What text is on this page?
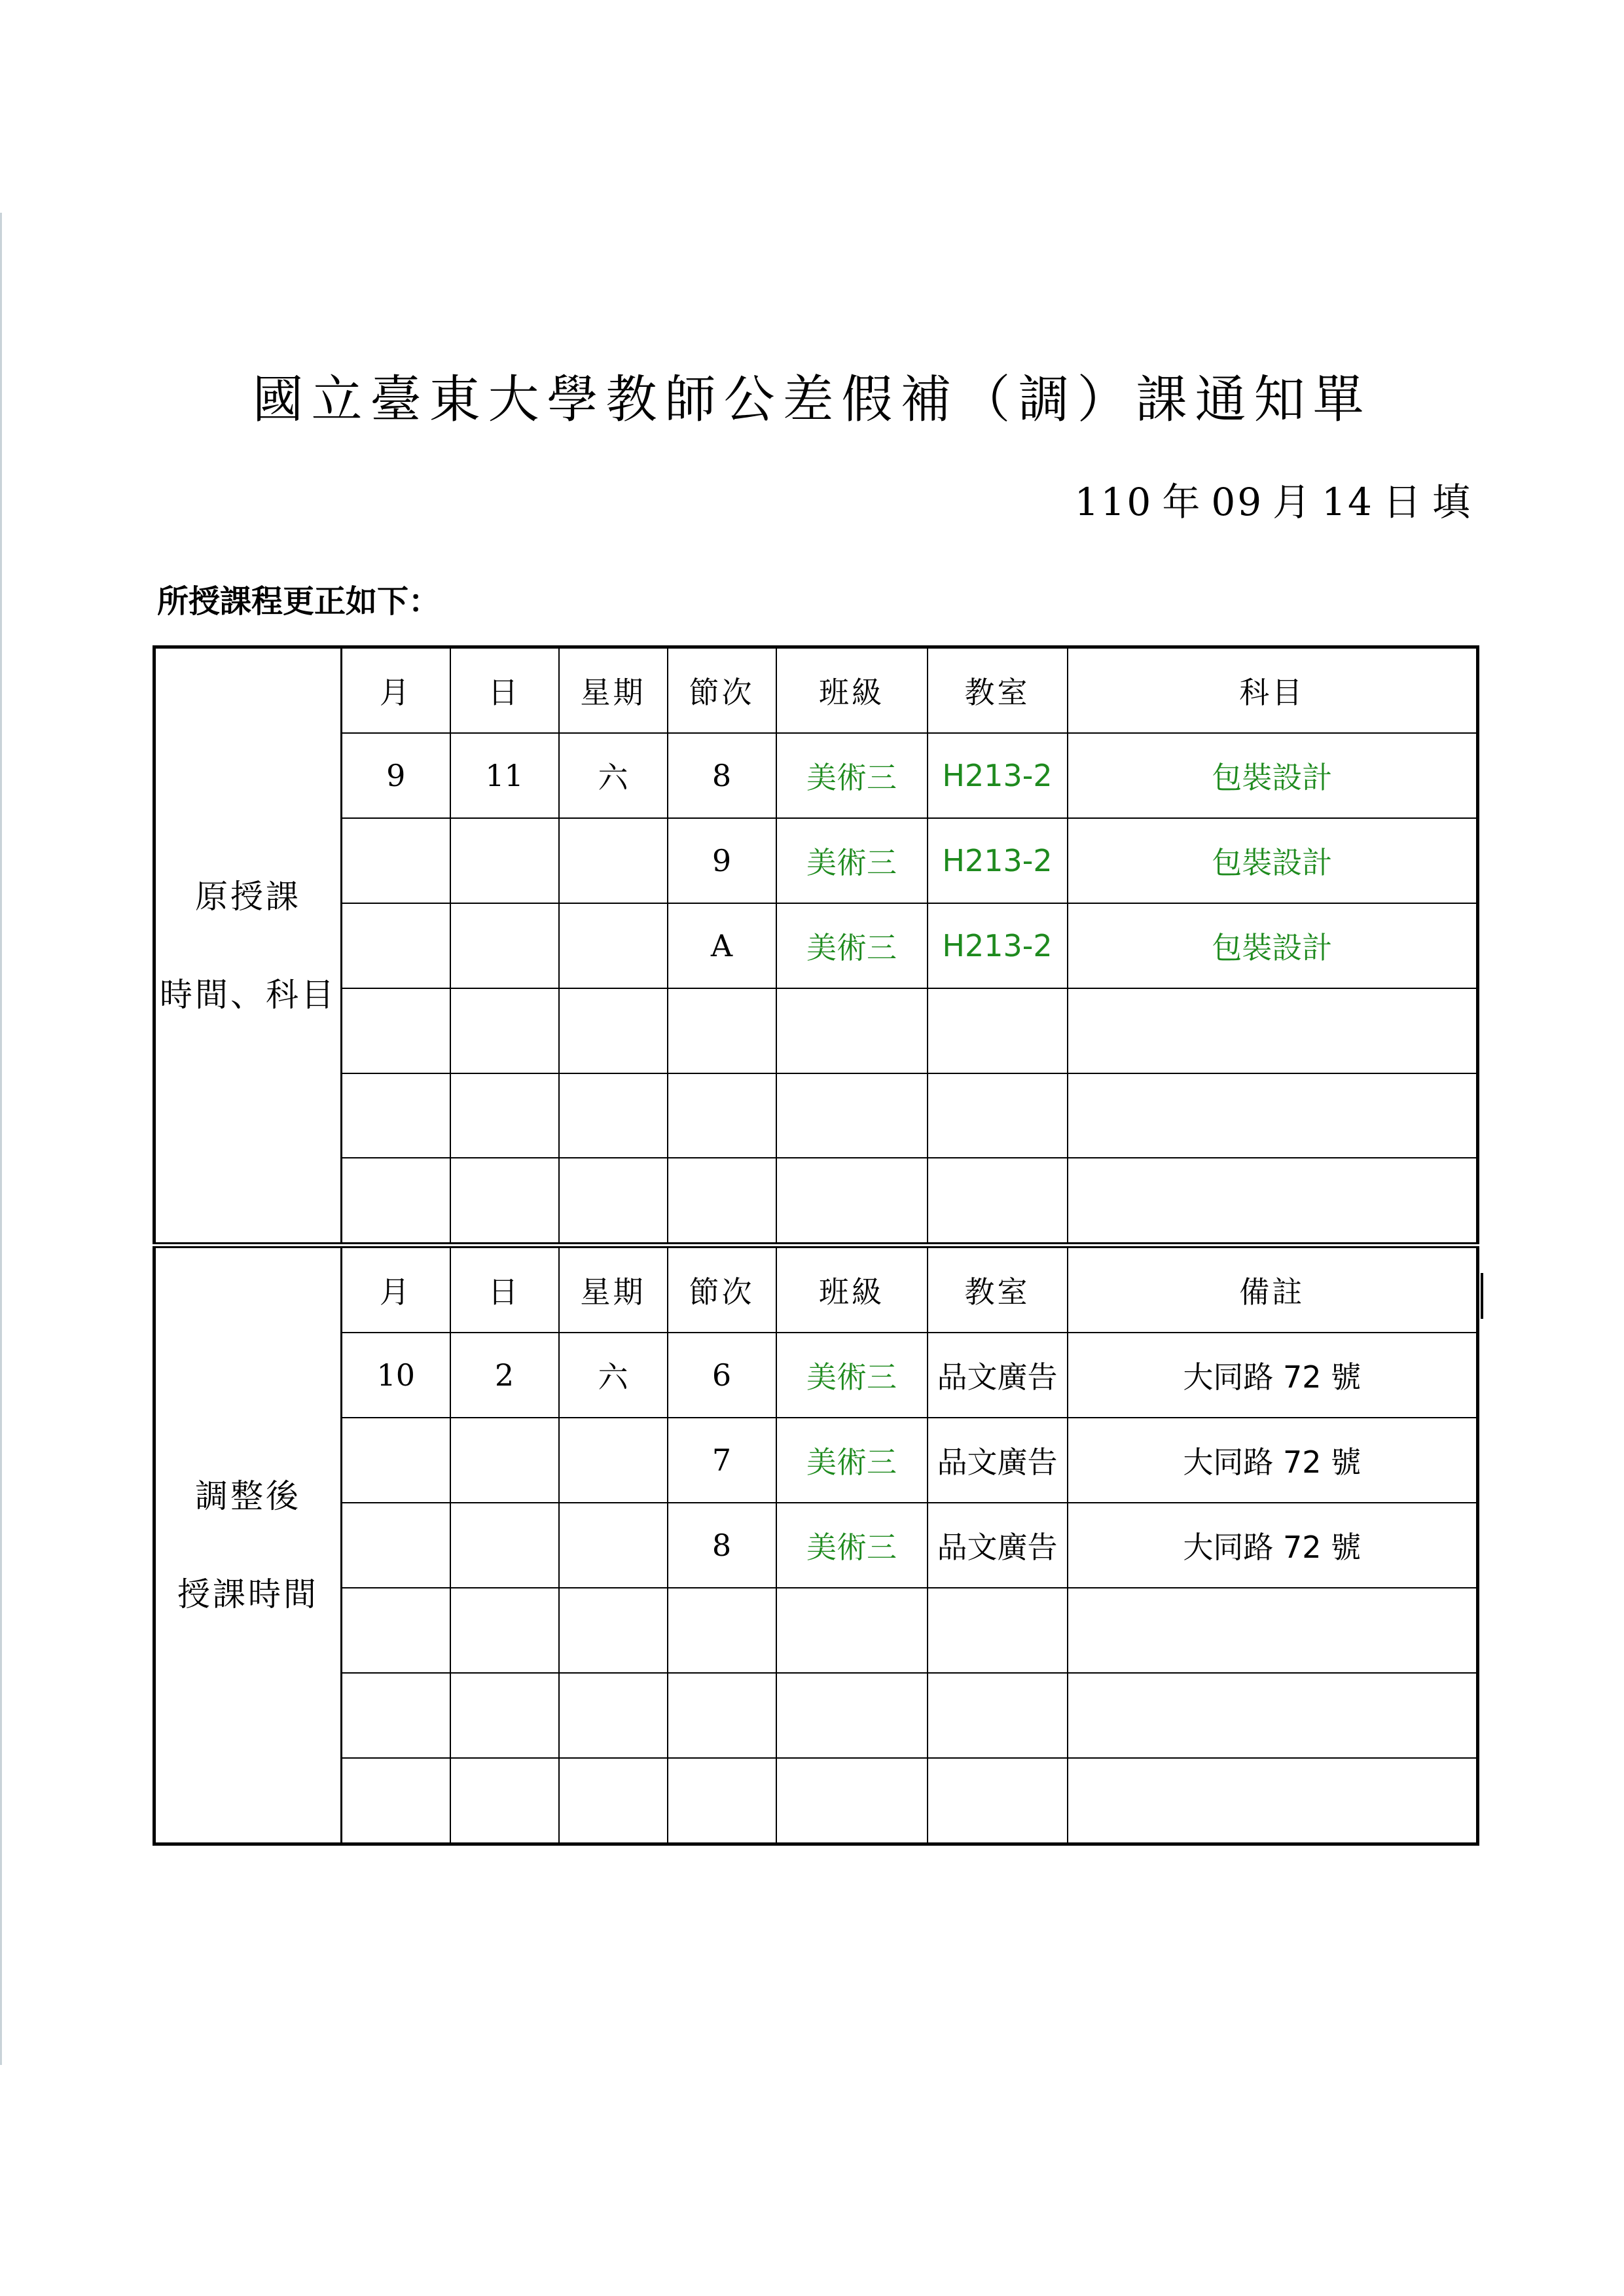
國立臺東大學教師公差假補（調）課通知單
110 年 09 月 14 日 填
所授課程更正如下：
原授課
時間、科目	月	日	星期	節次	班級	教室	科目
	9	11	六	8	美術三	H213-2	包裝設計
				9	美術三	H213-2	包裝設計
				A	美術三	H213-2	包裝設計

調整後
授課時間	月	日	星期	節次	班級	教室	備註
	10	2	六	6	美術三	品文廣告	大同路 72 號
				7	美術三	品文廣告	大同路 72 號
				8	美術三	品文廣告	大同路 72 號
